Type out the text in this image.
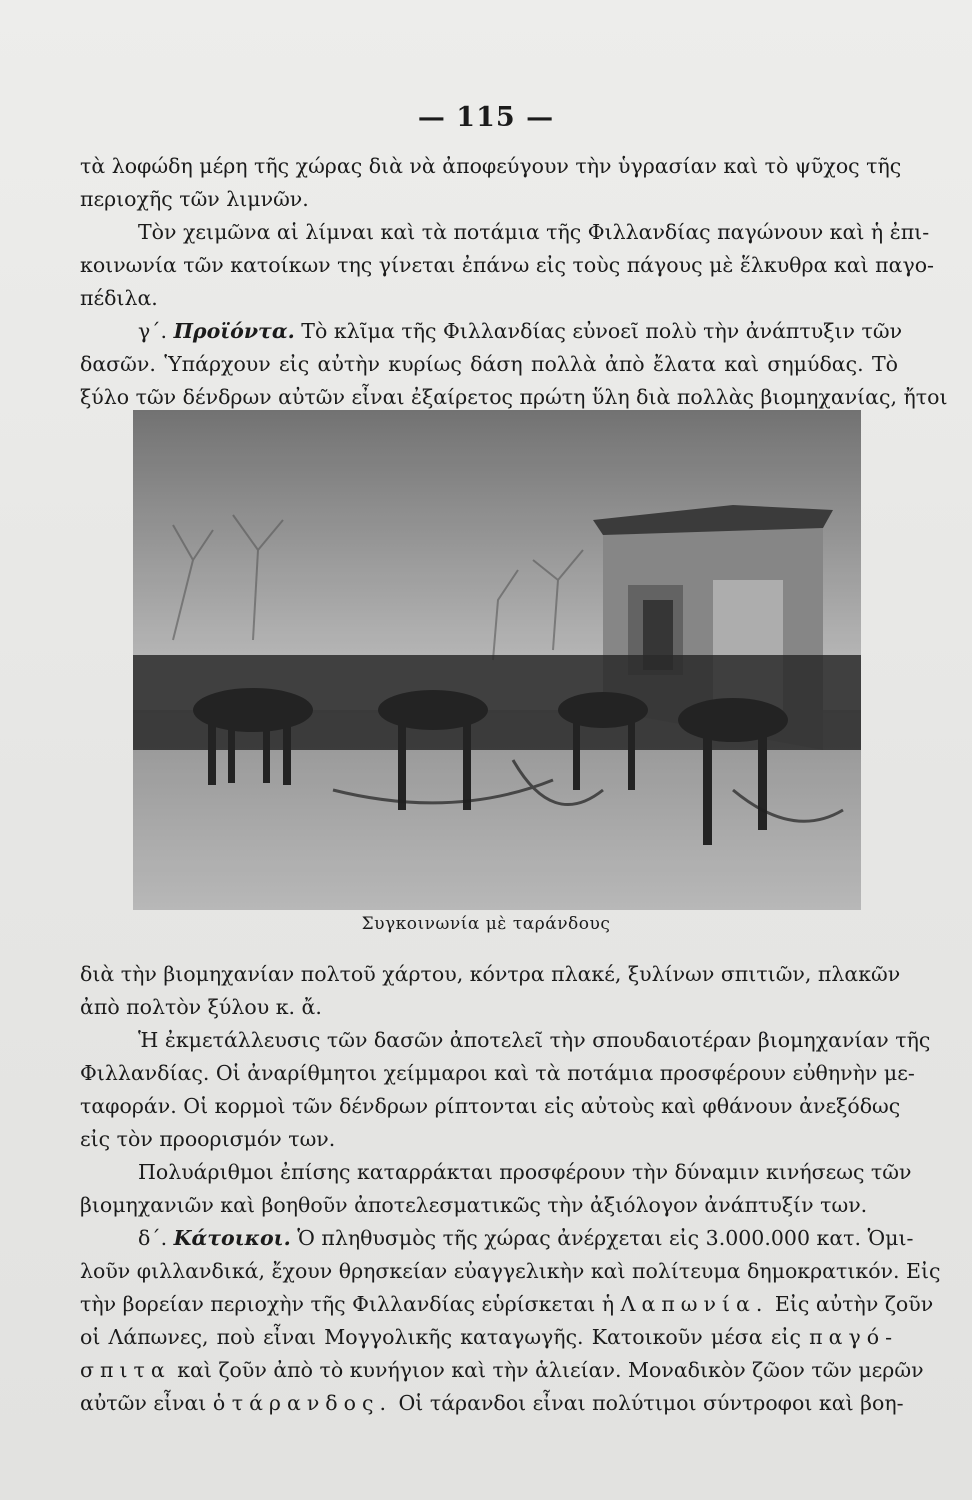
— 115 —
τὰ λοφώδη μέρη τῆς χώρας διὰ νὰ ἀποφεύγουν τὴν ὑγρασίαν καὶ τὸ ψῦχος τῆς
περιοχῆς τῶν λιμνῶν.
Τὸν χειμῶνα αἱ λίμναι καὶ τὰ ποτάμια τῆς Φιλλανδίας παγώνουν καὶ ἡ ἐπι-
κοινωνία τῶν κατοίκων της γίνεται ἐπάνω εἰς τοὺς πάγους μὲ ἕλκυθρα καὶ παγο-
πέδιλα.
γ΄. Προϊόντα. Τὸ κλῖμα τῆς Φιλλανδίας εὐνοεῖ πολὺ τὴν ἀνάπτυξιν τῶν
δασῶν. Ὑπάρχουν εἰς αὐτὴν κυρίως δάση πολλὰ ἀπὸ ἔλατα καὶ σημύδας. Τὸ
ξύλο τῶν δένδρων αὐτῶν εἶναι ἐξαίρετος πρώτη ὕλη διὰ πολλὰς βιομηχανίας, ἤτοι
Συγκοινωνία μὲ ταράνδους
διὰ τὴν βιομηχανίαν πολτοῦ χάρτου, κόντρα πλακέ, ξυλίνων σπιτιῶν, πλακῶν
ἀπὸ πολτὸν ξύλου κ. ἄ.
Ἡ ἐκμετάλλευσις τῶν δασῶν ἀποτελεῖ τὴν σπουδαιοτέραν βιομηχανίαν τῆς
Φιλλανδίας. Οἱ ἀναρίθμητοι χείμμαροι καὶ τὰ ποτάμια προσφέρουν εὐθηνὴν με-
ταφοράν. Οἱ κορμοὶ τῶν δένδρων ρίπτονται εἰς αὐτοὺς καὶ φθάνουν ἀνεξόδως
εἰς τὸν προορισμόν των.
Πολυάριθμοι ἐπίσης καταρράκται προσφέρουν τὴν δύναμιν κινήσεως τῶν
βιομηχανιῶν καὶ βοηθοῦν ἀποτελεσματικῶς τὴν ἀξιόλογον ἀνάπτυξίν των.
δ΄. Κάτοικοι. Ὁ πληθυσμὸς τῆς χώρας ἀνέρχεται εἰς 3.000.000 κατ. Ὁμι-
λοῦν φιλλανδικά, ἔχουν θρησκείαν εὐαγγελικὴν καὶ πολίτευμα δημοκρατικόν. Εἰς
τὴν βορείαν περιοχὴν τῆς Φιλλανδίας εὑρίσκεται ἡ Λαπωνία. Εἰς αὐτὴν ζοῦν
οἱ Λάπωνες, ποὺ εἶναι Μογγολικῆς καταγωγῆς. Κατοικοῦν μέσα εἰς παγό-
σπιτα καὶ ζοῦν ἀπὸ τὸ κυνήγιον καὶ τὴν ἁλιείαν. Μοναδικὸν ζῶον τῶν μερῶν
αὐτῶν εἶναι ὁ τάρανδος. Οἱ τάρανδοι εἶναι πολύτιμοι σύντροφοι καὶ βοη-
